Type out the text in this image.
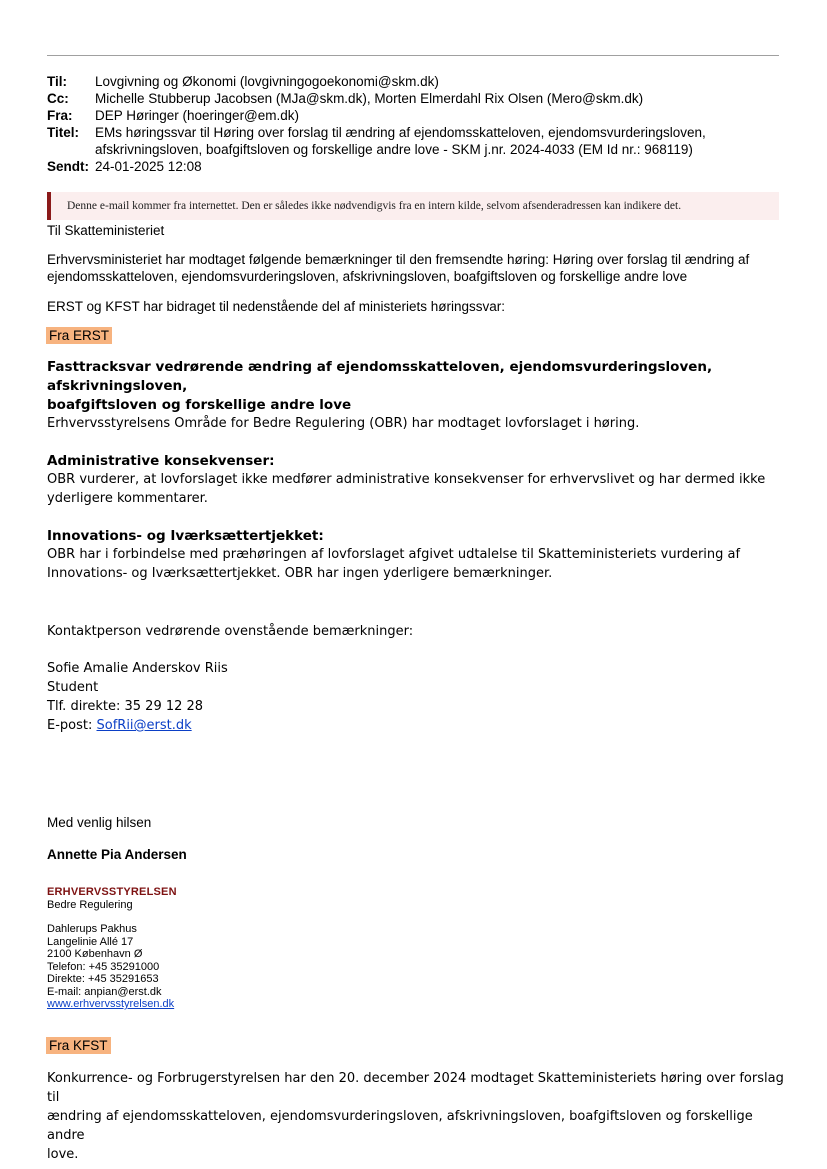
Til:	Lovgivning og Økonomi (lovgivningogoekonomi@skm.dk)
Cc:	Michelle Stubberup Jacobsen (MJa@skm.dk), Morten Elmerdahl Rix Olsen (Mero@skm.dk)
Fra:	DEP Høringer (hoeringer@em.dk)
Titel:	EMs høringssvar til Høring over forslag til ændring af ejendomsskatteloven, ejendomsvurderingsloven,
afskrivningsloven, boafgiftsloven og forskellige andre love - SKM j.nr. 2024-4033 (EM Id nr.: 968119)
Sendt: 24-01-2025 12:08
Denne e-mail kommer fra internettet. Den er således ikke nødvendigvis fra en intern kilde, selvom afsenderadressen kan indikere det.
Til Skatteministeriet
Erhvervsministeriet har modtaget følgende bemærkninger til den fremsendte høring: Høring over forslag til ændring af
ejendomsskatteloven, ejendomsvurderingsloven, afskrivningsloven, boafgiftsloven og forskellige andre love
ERST og KFST har bidraget til nedenstående del af ministeriets høringssvar:
Fra ERST
Fasttracksvar vedrørende ændring af ejendomsskatteloven, ejendomsvurderingsloven, afskrivningsloven,
boafgiftsloven og forskellige andre love
Erhvervsstyrelsens Område for Bedre Regulering (OBR) har modtaget lovforslaget i høring.
Administrative konsekvenser:
OBR vurderer, at lovforslaget ikke medfører administrative konsekvenser for erhvervslivet og har dermed ikke
yderligere kommentarer.
Innovations- og Iværksættertjekket:
OBR har i forbindelse med præhøringen af lovforslaget afgivet udtalelse til Skatteministeriets vurdering af
Innovations- og Iværksættertjekket. OBR har ingen yderligere bemærkninger.
Kontaktperson vedrørende ovenstående bemærkninger:
Sofie Amalie Anderskov Riis
Student
Tlf. direkte: 35 29 12 28
E-post: SofRii@erst.dk
Med venlig hilsen
Annette Pia Andersen
ERHVERVSSTYRELSEN
Bedre Regulering
Dahlerups Pakhus
Langelinie Allé 17
2100 København Ø
Telefon: +45 35291000
Direkte: +45 35291653
E-mail: anpian@erst.dk
www.erhvervsstyrelsen.dk
Fra KFST
Konkurrence- og Forbrugerstyrelsen har den 20. december 2024 modtaget Skatteministeriets høring over forslag til
ændring af ejendomsskatteloven, ejendomsvurderingsloven, afskrivningsloven, boafgiftsloven og forskellige andre
love.
